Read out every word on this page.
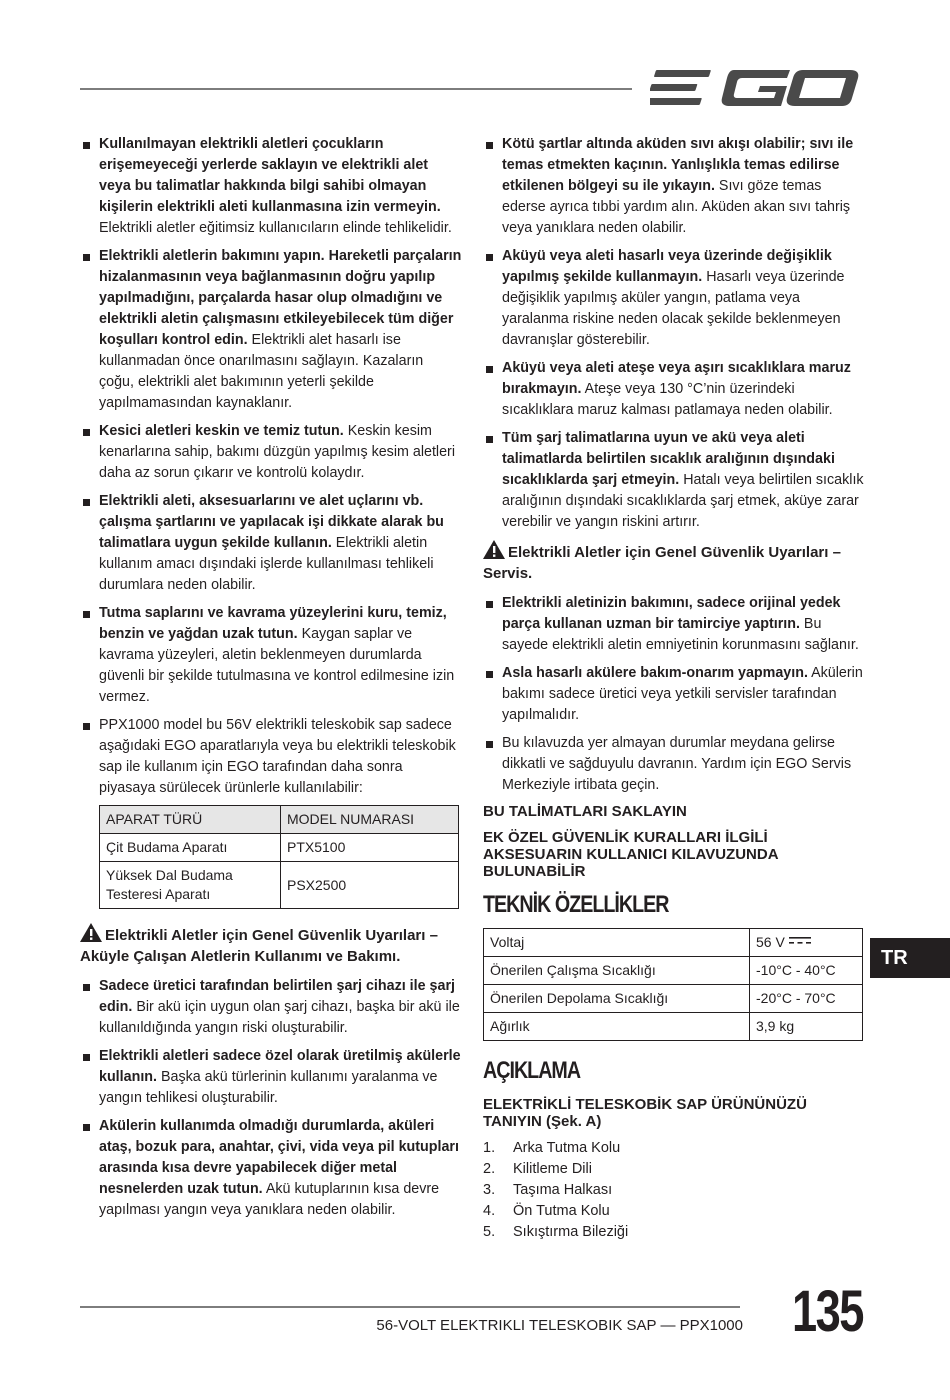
Kullanılmayan elektrikli aletleri çocukların erişemeyeceği yerlerde saklayın ve elektrikli alet veya bu talimatlar hakkında bilgi sahibi olmayan kişilerin elektrikli aleti kullanmasına izin vermeyin. Elektrikli aletler eğitimsiz kullanıcıların elinde tehlikelidir.
Elektrikli aletlerin bakımını yapın. Hareketli parçaların hizalanmasının veya bağlanmasının doğru yapılıp yapılmadığını, parçalarda hasar olup olmadığını ve elektrikli aletin çalışmasını etkileyebilecek tüm diğer koşulları kontrol edin. Elektrikli alet hasarlı ise kullanmadan önce onarılmasını sağlayın. Kazaların çoğu, elektrikli alet bakımının yeterli şekilde yapılmamasından kaynaklanır.
Kesici aletleri keskin ve temiz tutun. Keskin kesim kenarlarına sahip, bakımı düzgün yapılmış kesim aletleri daha az sorun çıkarır ve kontrolü kolaydır.
Elektrikli aleti, aksesuarlarını ve alet uçlarını vb. çalışma şartlarını ve yapılacak işi dikkate alarak bu talimatlara uygun şekilde kullanın. Elektrikli aletin kullanım amacı dışındaki işlerde kullanılması tehlikeli durumlara neden olabilir.
Tutma saplarını ve kavrama yüzeylerini kuru, temiz, benzin ve yağdan uzak tutun. Kaygan saplar ve kavrama yüzeyleri, aletin beklenmeyen durumlarda güvenli bir şekilde tutulmasına ve kontrol edilmesine izin vermez.
PPX1000 model bu 56V elektrikli teleskobik sap sadece aşağıdaki EGO aparatlarıyla veya bu elektrikli teleskobik sap ile kullanım için EGO tarafından daha sonra piyasaya sürülecek ürünlerle kullanılabilir:
APARAT TÜRÜ	MODEL NUMARASI
Çit Budama Aparatı	PTX5100
Yüksek Dal Budama Testeresi Aparatı	PSX2500
Elektrikli Aletler için Genel Güvenlik Uyarıları – Aküyle Çalışan Aletlerin Kullanımı ve Bakımı.
Sadece üretici tarafından belirtilen şarj cihazı ile şarj edin. Bir akü için uygun olan şarj cihazı, başka bir akü ile kullanıldığında yangın riski oluşturabilir.
Elektrikli aletleri sadece özel olarak üretilmiş akülerle kullanın. Başka akü türlerinin kullanımı yaralanma ve yangın tehlikesi oluşturabilir.
Akülerin kullanımda olmadığı durumlarda, aküleri ataş, bozuk para, anahtar, çivi, vida veya pil kutupları arasında kısa devre yapabilecek diğer metal nesnelerden uzak tutun. Akü kutuplarının kısa devre yapılması yangın veya yanıklara neden olabilir.
Kötü şartlar altında aküden sıvı akışı olabilir; sıvı ile temas etmekten kaçının. Yanlışlıkla temas edilirse etkilenen bölgeyi su ile yıkayın. Sıvı göze temas ederse ayrıca tıbbi yardım alın. Aküden akan sıvı tahriş veya yanıklara neden olabilir.
Aküyü veya aleti hasarlı veya üzerinde değişiklik yapılmış şekilde kullanmayın. Hasarlı veya üzerinde değişiklik yapılmış aküler yangın, patlama veya yaralanma riskine neden olacak şekilde beklenmeyen davranışlar gösterebilir.
Aküyü veya aleti ateşe veya aşırı sıcaklıklara maruz bırakmayın. Ateşe veya 130 °C’nin üzerindeki sıcaklıklara maruz kalması patlamaya neden olabilir.
Tüm şarj talimatlarına uyun ve akü veya aleti talimatlarda belirtilen sıcaklık aralığının dışındaki sıcaklıklarda şarj etmeyin. Hatalı veya belirtilen sıcaklık aralığının dışındaki sıcaklıklarda şarj etmek, aküye zarar verebilir ve yangın riskini artırır.
Elektrikli Aletler için Genel Güvenlik Uyarıları – Servis.
Elektrikli aletinizin bakımını, sadece orijinal yedek parça kullanan uzman bir tamirciye yaptırın. Bu sayede elektrikli aletin emniyetinin korunmasını sağlanır.
Asla hasarlı akülere bakım-onarım yapmayın. Akülerin bakımı sadece üretici veya yetkili servisler tarafından yapılmalıdır.
Bu kılavuzda yer almayan durumlar meydana gelirse dikkatli ve sağduyulu davranın. Yardım için EGO Servis Merkeziyle irtibata geçin.
BU TALİMATLARI SAKLAYIN
EK ÖZEL GÜVENLİK KURALLARI İLGİLİ AKSESUARIN KULLANICI KILAVUZUNDA BULUNABİLİR
TEKNİK ÖZELLİKLER
Voltaj	56 V
Önerilen Çalışma Sıcaklığı	-10°C - 40°C
Önerilen Depolama Sıcaklığı	-20°C - 70°C
Ağırlık	3,9 kg
AÇIKLAMA
ELEKTRİKLİ TELESKOBİK SAP ÜRÜNÜNÜZÜ TANIYIN (Şek. A)
1.	Arka Tutma Kolu
2.	Kilitleme Dili
3.	Taşıma Halkası
4.	Ön Tutma Kolu
5.	Sıkıştırma Bileziği
TR
56-VOLT ELEKTRIKLI TELESKOBIK SAP — PPX1000 135
